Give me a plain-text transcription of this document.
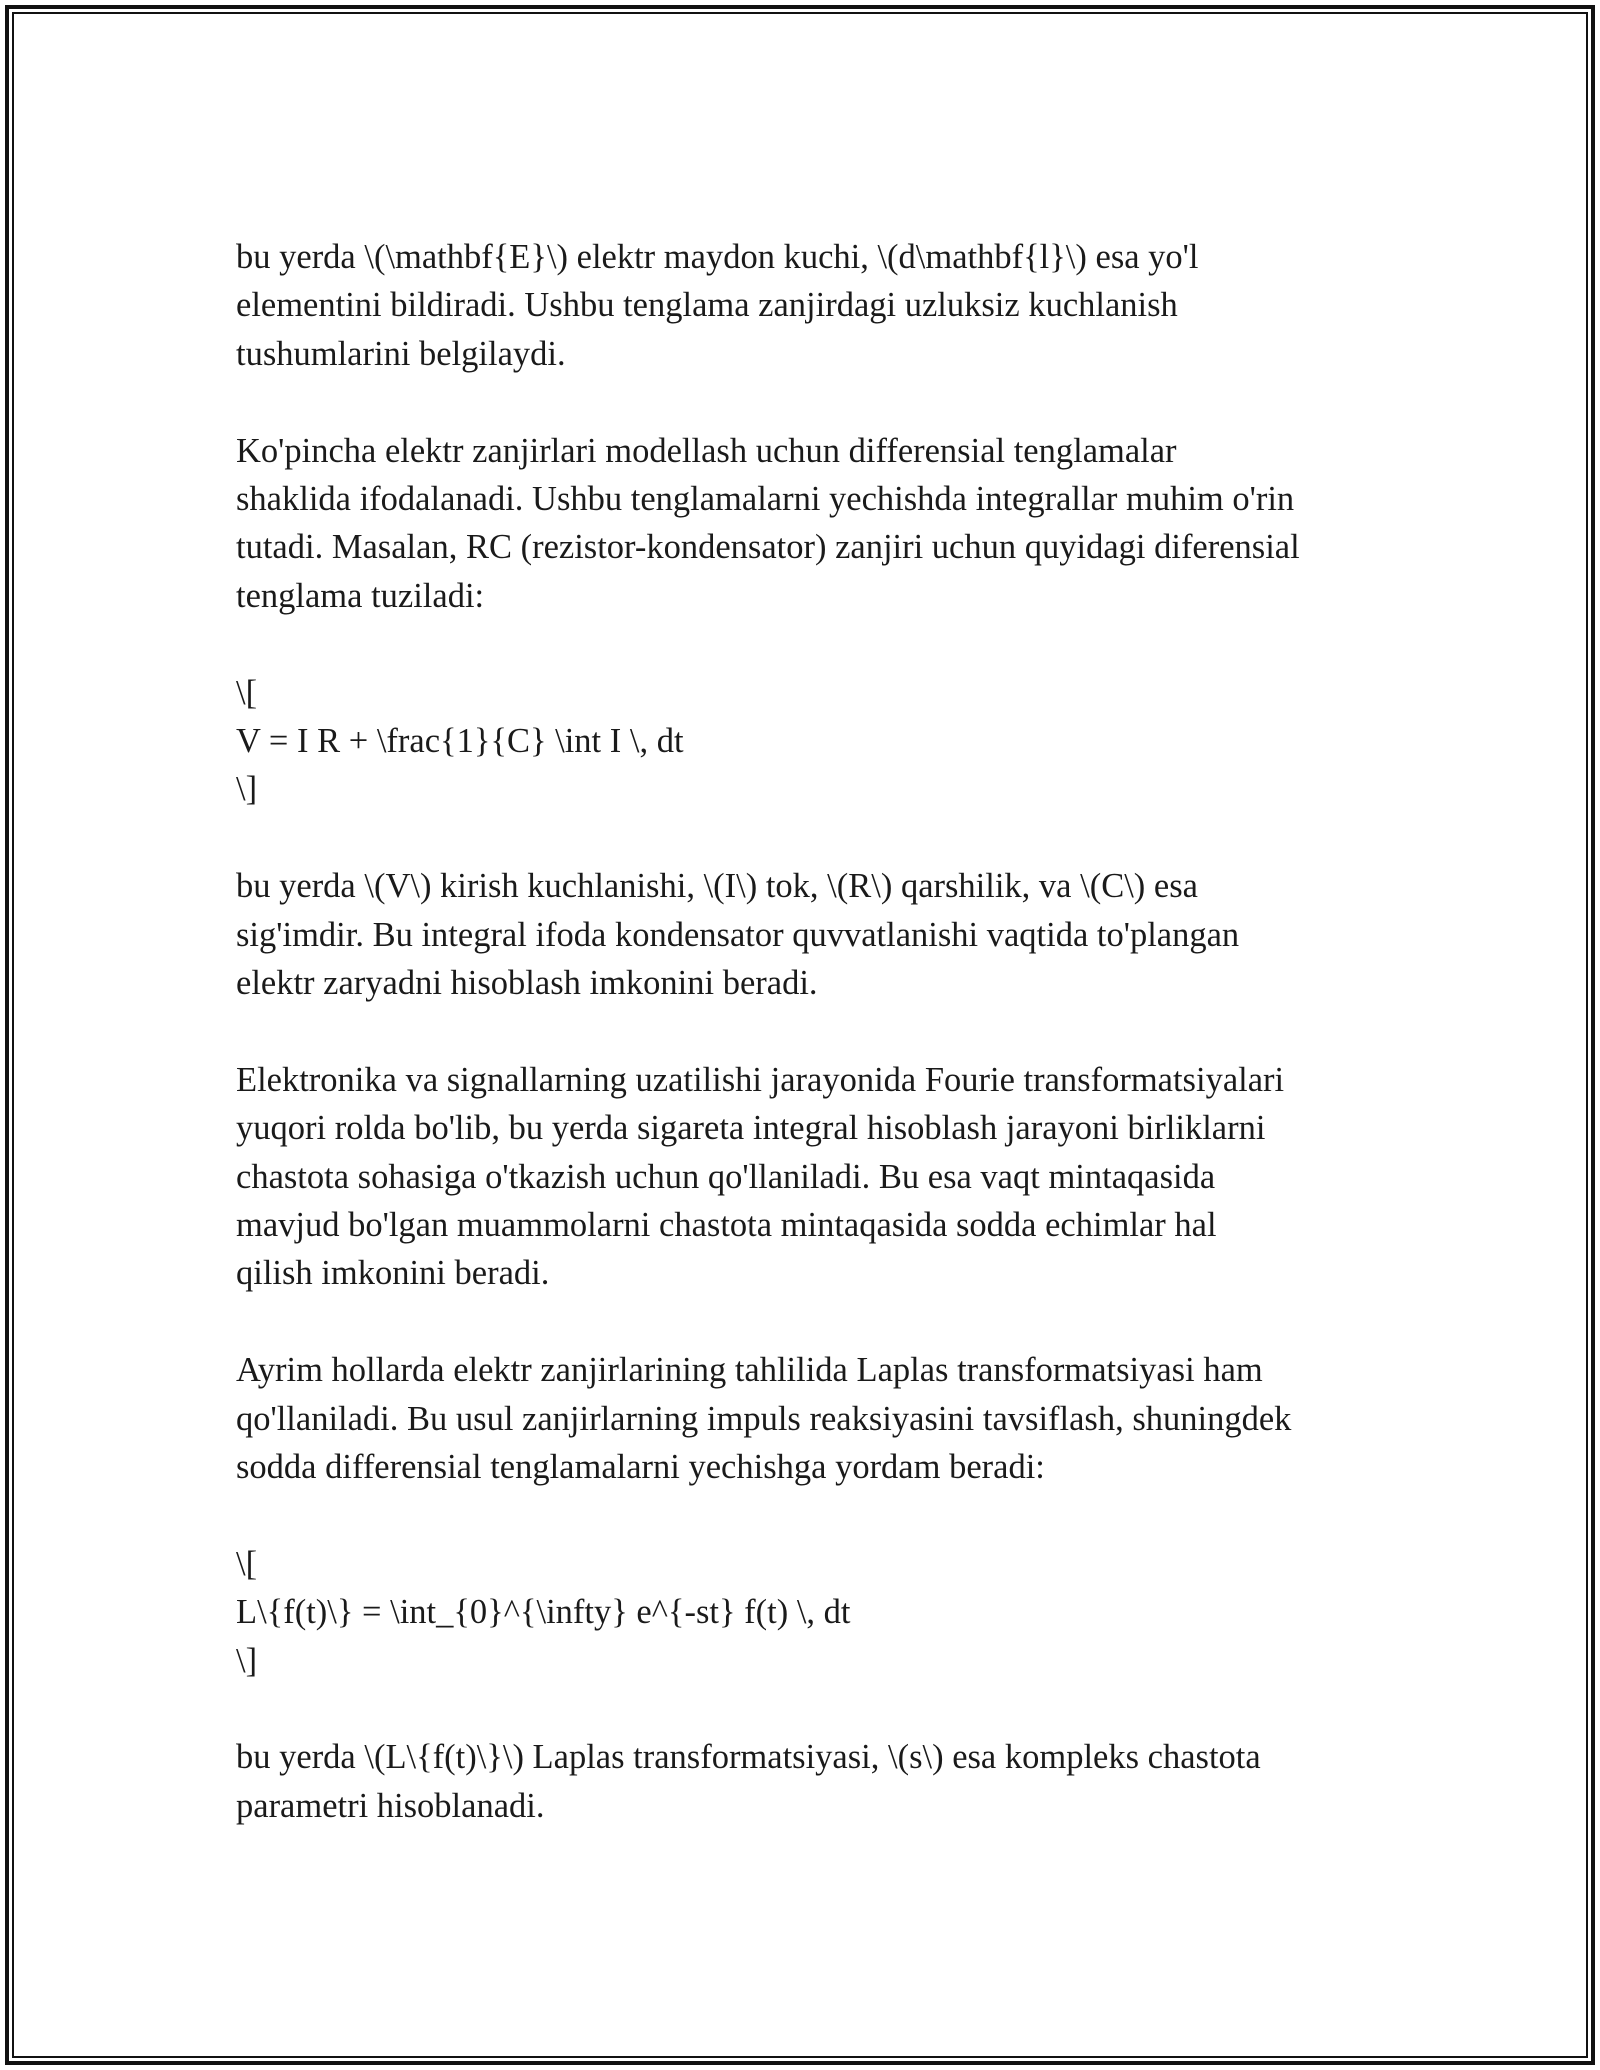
bu yerda \(\mathbf{E}\) elektr maydon kuchi, \(d\mathbf{l}\) esa yo'l
elementini bildiradi. Ushbu tenglama zanjirdagi uzluksiz kuchlanish
tushumlarini belgilaydi.
Ko'pincha elektr zanjirlari modellash uchun differensial tenglamalar
shaklida ifodalanadi. Ushbu tenglamalarni yechishda integrallar muhim o'rin
tutadi. Masalan, RC (rezistor-kondensator) zanjiri uchun quyidagi diferensial
tenglama tuziladi:
\[
V = I R + \frac{1}{C} \int I \, dt
\]
bu yerda \(V\) kirish kuchlanishi, \(I\) tok, \(R\) qarshilik, va \(C\) esa
sig'imdir. Bu integral ifoda kondensator quvvatlanishi vaqtida to'plangan
elektr zaryadni hisoblash imkonini beradi.
Elektronika va signallarning uzatilishi jarayonida Fourie transformatsiyalari
yuqori rolda bo'lib, bu yerda sigareta integral hisoblash jarayoni birliklarni
chastota sohasiga o'tkazish uchun qo'llaniladi. Bu esa vaqt mintaqasida
mavjud bo'lgan muammolarni chastota mintaqasida sodda echimlar hal
qilish imkonini beradi.
Ayrim hollarda elektr zanjirlarining tahlilida Laplas transformatsiyasi ham
qo'llaniladi. Bu usul zanjirlarning impuls reaksiyasini tavsiflash, shuningdek
sodda differensial tenglamalarni yechishga yordam beradi:
\[
L\{f(t)\} = \int_{0}^{\infty} e^{-st} f(t) \, dt
\]
bu yerda \(L\{f(t)\}\) Laplas transformatsiyasi, \(s\) esa kompleks chastota
parametri hisoblanadi.
